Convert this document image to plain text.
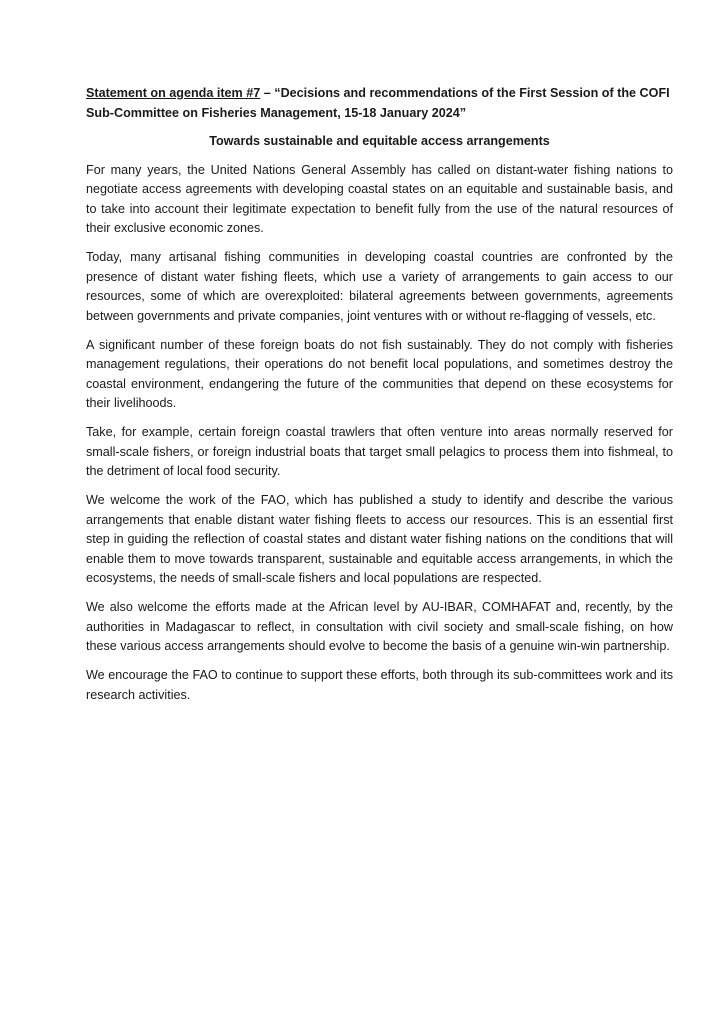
Statement on agenda item #7 – “Decisions and recommendations of the First Session of the COFI Sub-Committee on Fisheries Management, 15-18 January 2024”

Towards sustainable and equitable access arrangements

For many years, the United Nations General Assembly has called on distant-water fishing nations to negotiate access agreements with developing coastal states on an equitable and sustainable basis, and to take into account their legitimate expectation to benefit fully from the use of the natural resources of their exclusive economic zones.

Today, many artisanal fishing communities in developing coastal countries are confronted by the presence of distant water fishing fleets, which use a variety of arrangements to gain access to our resources, some of which are overexploited: bilateral agreements between governments, agreements between governments and private companies, joint ventures with or without re-flagging of vessels, etc.

A significant number of these foreign boats do not fish sustainably. They do not comply with fisheries management regulations, their operations do not benefit local populations, and sometimes destroy the coastal environment, endangering the future of the communities that depend on these ecosystems for their livelihoods.

Take, for example, certain foreign coastal trawlers that often venture into areas normally reserved for small-scale fishers, or foreign industrial boats that target small pelagics to process them into fishmeal, to the detriment of local food security.

We welcome the work of the FAO, which has published a study to identify and describe the various arrangements that enable distant water fishing fleets to access our resources. This is an essential first step in guiding the reflection of coastal states and distant water fishing nations on the conditions that will enable them to move towards transparent, sustainable and equitable access arrangements, in which the ecosystems, the needs of small-scale fishers and local populations are respected.

We also welcome the efforts made at the African level by AU-IBAR, COMHAFAT and, recently, by the authorities in Madagascar to reflect, in consultation with civil society and small-scale fishing, on how these various access arrangements should evolve to become the basis of a genuine win-win partnership.

We encourage the FAO to continue to support these efforts, both through its sub-committees work and its research activities.
